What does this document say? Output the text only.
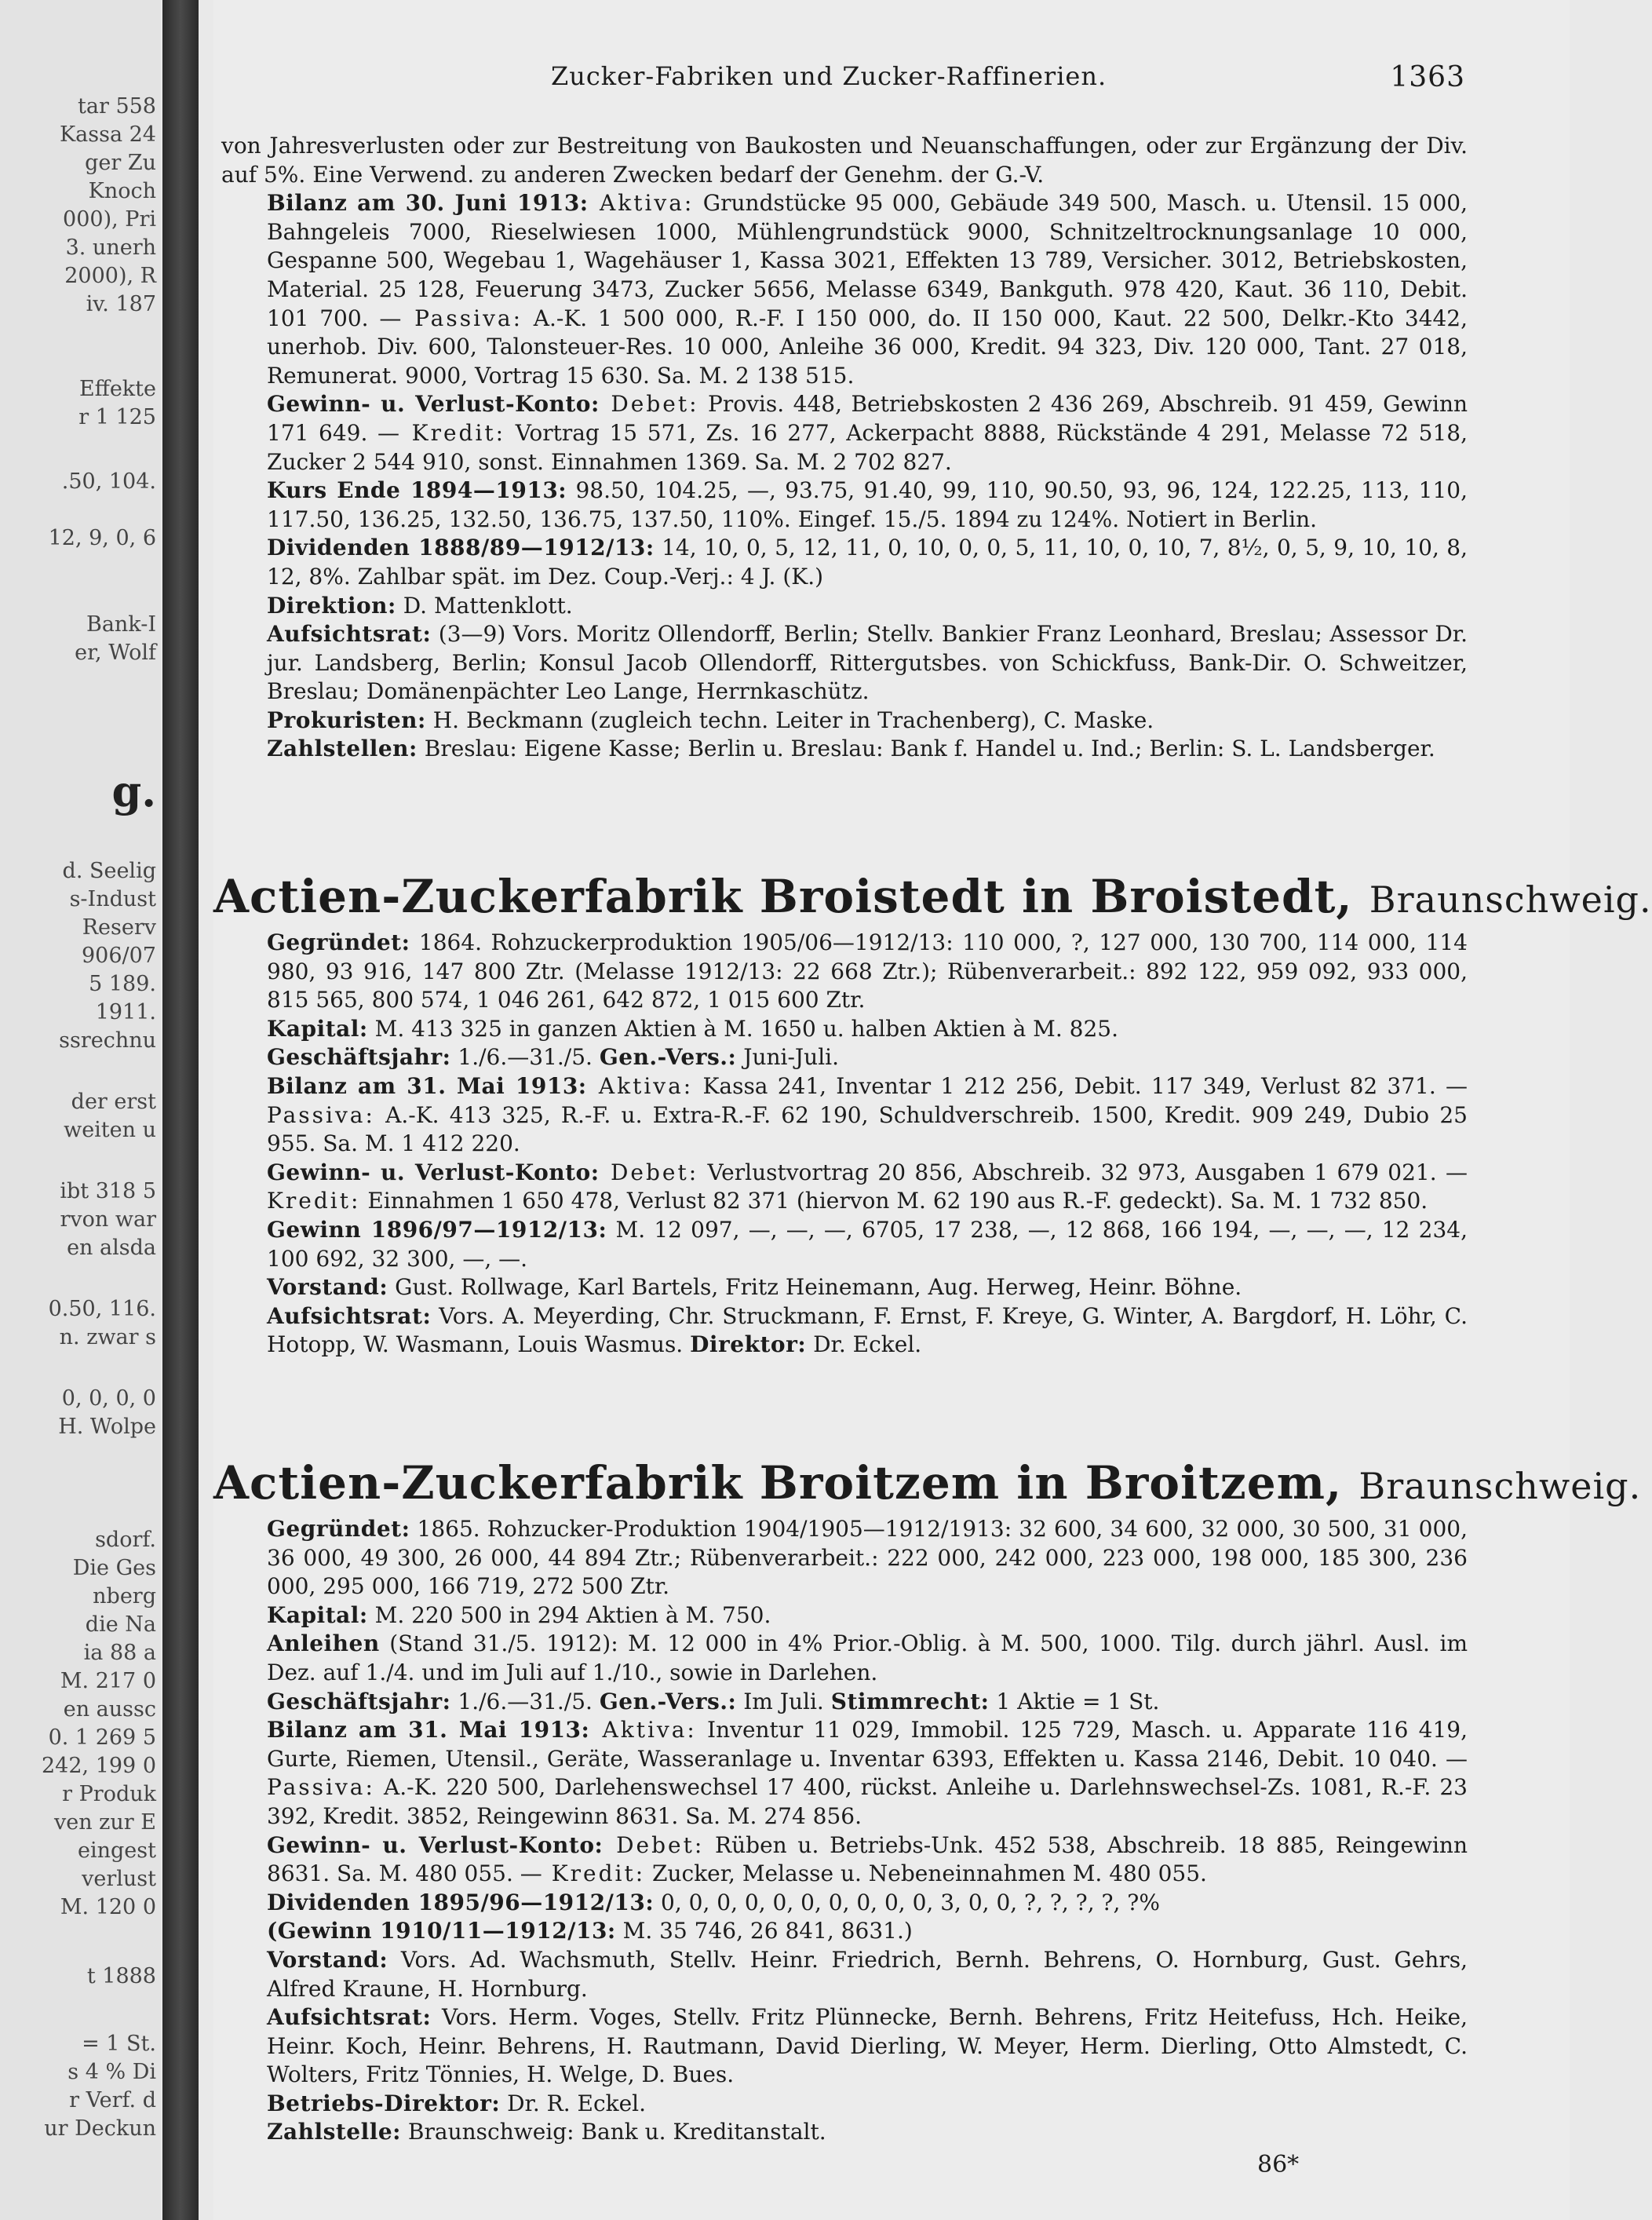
tar 558
Kassa 24
ger Zu
Knoch
000), Pri
3. unerh
2000), R
iv. 187
Effekte
r 1 125
.50, 104.
12, 9, 0, 6
Bank-I
er, Wolf
g.
d. Seelig
s-Indust
Reserv
906/07
5 189.
1911.
ssrechnu
der erst
weiten u
ibt 318 5
rvon war
en alsda
0.50, 116.
n. zwar s
0, 0, 0, 0
H. Wolpe
sdorf.
Die Ges
nberg
die Na
ia 88 a
M. 217 0
en aussc
0. 1 269 5
242, 199 0
r Produk
ven zur E
eingest
verlust
M. 120 0
t 1888
= 1 St.
s 4 % Di
r Verf. d
ur Deckun
Zucker-Fabriken und Zucker-Raffinerien.	1363

von Jahresverlusten oder zur Bestreitung von Baukosten und Neuanschaffungen, oder zur Ergänzung der Div. auf 5%. Eine Verwend. zu anderen Zwecken bedarf der Genehm. der G.-V.

Bilanz am 30. Juni 1913: Aktiva: Grundstücke 95 000, Gebäude 349 500, Masch. u. Utensil. 15 000, Bahngeleis 7000, Rieselwiesen 1000, Mühlengrundstück 9000, Schnitzeltrocknungsanlage 10 000, Gespanne 500, Wegebau 1, Wagehäuser 1, Kassa 3021, Effekten 13 789, Versicher. 3012, Betriebskosten, Material. 25 128, Feuerung 3473, Zucker 5656, Melasse 6349, Bankguth. 978 420, Kaut. 36 110, Debit. 101 700. — Passiva: A.-K. 1 500 000, R.-F. I 150 000, do. II 150 000, Kaut. 22 500, Delkr.-Kto 3442, unerhob. Div. 600, Talonsteuer-Res. 10 000, Anleihe 36 000, Kredit. 94 323, Div. 120 000, Tant. 27 018, Remunerat. 9000, Vortrag 15 630. Sa. M. 2 138 515.

Gewinn- u. Verlust-Konto: Debet: Provis. 448, Betriebskosten 2 436 269, Abschreib. 91 459, Gewinn 171 649. — Kredit: Vortrag 15 571, Zs. 16 277, Ackerpacht 8888, Rückstände 4 291, Melasse 72 518, Zucker 2 544 910, sonst. Einnahmen 1369. Sa. M. 2 702 827.

Kurs Ende 1894—1913: 98.50, 104.25, —, 93.75, 91.40, 99, 110, 90.50, 93, 96, 124, 122.25, 113, 110, 117.50, 136.25, 132.50, 136.75, 137.50, 110%. Eingef. 15./5. 1894 zu 124%. Notiert in Berlin.

Dividenden 1888/89—1912/13: 14, 10, 0, 5, 12, 11, 0, 10, 0, 0, 5, 11, 10, 0, 10, 7, 8½, 0, 5, 9, 10, 10, 8, 12, 8%. Zahlbar spät. im Dez. Coup.-Verj.: 4 J. (K.)

Direktion: D. Mattenklott.

Aufsichtsrat: (3—9) Vors. Moritz Ollendorff, Berlin; Stellv. Bankier Franz Leonhard, Breslau; Assessor Dr. jur. Landsberg, Berlin; Konsul Jacob Ollendorff, Rittergutsbes. von Schickfuss, Bank-Dir. O. Schweitzer, Breslau; Domänenpächter Leo Lange, Herrnkaschütz.

Prokuristen: H. Beckmann (zugleich techn. Leiter in Trachenberg), C. Maske.

Zahlstellen: Breslau: Eigene Kasse; Berlin u. Breslau: Bank f. Handel u. Ind.; Berlin: S. L. Landsberger.

Actien-Zuckerfabrik Broistedt in Broistedt, Braunschweig.

Gegründet: 1864. Rohzuckerproduktion 1905/06—1912/13: 110 000, ?, 127 000, 130 700, 114 000, 114 980, 93 916, 147 800 Ztr. (Melasse 1912/13: 22 668 Ztr.); Rübenverarbeit.: 892 122, 959 092, 933 000, 815 565, 800 574, 1 046 261, 642 872, 1 015 600 Ztr.

Kapital: M. 413 325 in ganzen Aktien à M. 1650 u. halben Aktien à M. 825.

Geschäftsjahr: 1./6.—31./5. Gen.-Vers.: Juni-Juli.

Bilanz am 31. Mai 1913: Aktiva: Kassa 241, Inventar 1 212 256, Debit. 117 349, Verlust 82 371. — Passiva: A.-K. 413 325, R.-F. u. Extra-R.-F. 62 190, Schuldverschreib. 1500, Kredit. 909 249, Dubio 25 955. Sa. M. 1 412 220.

Gewinn- u. Verlust-Konto: Debet: Verlustvortrag 20 856, Abschreib. 32 973, Ausgaben 1 679 021. — Kredit: Einnahmen 1 650 478, Verlust 82 371 (hiervon M. 62 190 aus R.-F. gedeckt). Sa. M. 1 732 850.

Gewinn 1896/97—1912/13: M. 12 097, —, —, —, 6705, 17 238, —, 12 868, 166 194, —, —, —, 12 234, 100 692, 32 300, —, —.

Vorstand: Gust. Rollwage, Karl Bartels, Fritz Heinemann, Aug. Herweg, Heinr. Böhne.

Aufsichtsrat: Vors. A. Meyerding, Chr. Struckmann, F. Ernst, F. Kreye, G. Winter, A. Bargdorf, H. Löhr, C. Hotopp, W. Wasmann, Louis Wasmus. Direktor: Dr. Eckel.

Actien-Zuckerfabrik Broitzem in Broitzem, Braunschweig.

Gegründet: 1865. Rohzucker-Produktion 1904/1905—1912/1913: 32 600, 34 600, 32 000, 30 500, 31 000, 36 000, 49 300, 26 000, 44 894 Ztr.; Rübenverarbeit.: 222 000, 242 000, 223 000, 198 000, 185 300, 236 000, 295 000, 166 719, 272 500 Ztr.

Kapital: M. 220 500 in 294 Aktien à M. 750.

Anleihen (Stand 31./5. 1912): M. 12 000 in 4% Prior.-Oblig. à M. 500, 1000. Tilg. durch jährl. Ausl. im Dez. auf 1./4. und im Juli auf 1./10., sowie in Darlehen.

Geschäftsjahr: 1./6.—31./5. Gen.-Vers.: Im Juli. Stimmrecht: 1 Aktie = 1 St.

Bilanz am 31. Mai 1913: Aktiva: Inventur 11 029, Immobil. 125 729, Masch. u. Apparate 116 419, Gurte, Riemen, Utensil., Geräte, Wasseranlage u. Inventar 6393, Effekten u. Kassa 2146, Debit. 10 040. — Passiva: A.-K. 220 500, Darlehenswechsel 17 400, rückst. Anleihe u. Darlehnswechsel-Zs. 1081, R.-F. 23 392, Kredit. 3852, Reingewinn 8631. Sa. M. 274 856.

Gewinn- u. Verlust-Konto: Debet: Rüben u. Betriebs-Unk. 452 538, Abschreib. 18 885, Reingewinn 8631. Sa. M. 480 055. — Kredit: Zucker, Melasse u. Nebeneinnahmen M. 480 055.

Dividenden 1895/96—1912/13: 0, 0, 0, 0, 0, 0, 0, 0, 0, 0, 3, 0, 0, ?, ?, ?, ?, ?%

(Gewinn 1910/11—1912/13: M. 35 746, 26 841, 8631.)

Vorstand: Vors. Ad. Wachsmuth, Stellv. Heinr. Friedrich, Bernh. Behrens, O. Hornburg, Gust. Gehrs, Alfred Kraune, H. Hornburg.

Aufsichtsrat: Vors. Herm. Voges, Stellv. Fritz Plünnecke, Bernh. Behrens, Fritz Heitefuss, Hch. Heike, Heinr. Koch, Heinr. Behrens, H. Rautmann, David Dierling, W. Meyer, Herm. Dierling, Otto Almstedt, C. Wolters, Fritz Tönnies, H. Welge, D. Bues.

Betriebs-Direktor: Dr. R. Eckel.

Zahlstelle: Braunschweig: Bank u. Kreditanstalt.

86*
